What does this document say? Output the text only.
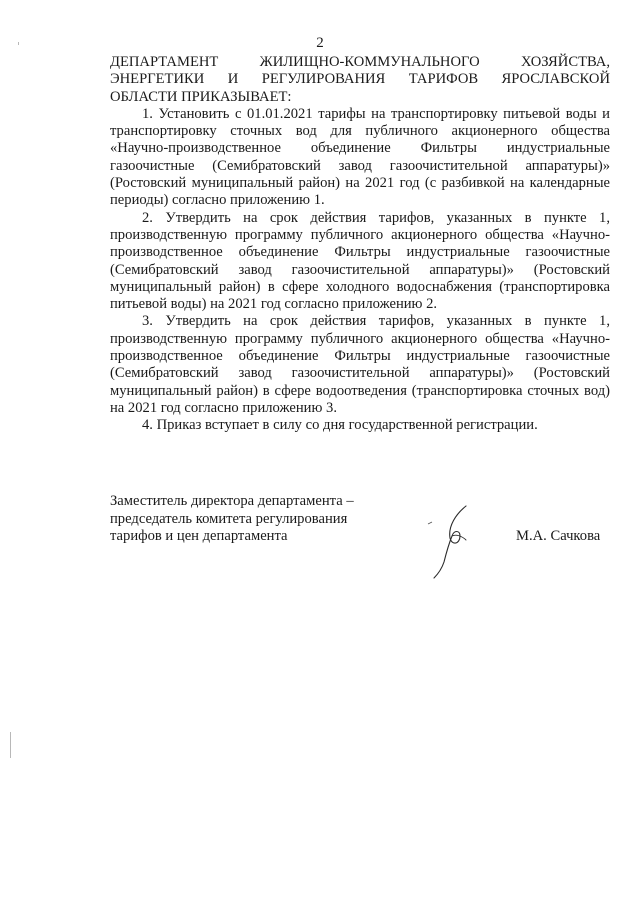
2
ДЕПАРТАМЕНТ ЖИЛИЩНО-КОММУНАЛЬНОГО ХОЗЯЙСТВА,
ЭНЕРГЕТИКИ И РЕГУЛИРОВАНИЯ ТАРИФОВ ЯРОСЛАВСКОЙ
ОБЛАСТИ ПРИКАЗЫВАЕТ:

1. Установить с 01.01.2021 тарифы на транспортировку питьевой воды и транспортировку сточных вод для публичного акционерного общества «Научно-производственное объединение Фильтры индустриальные газоочистные (Семибратовский завод газоочистительной аппаратуры)» (Ростовский муниципальный район) на 2021 год (с разбивкой на календарные периоды) согласно приложению 1.

2. Утвердить на срок действия тарифов, указанных в пункте 1, производственную программу публичного акционерного общества «Научно-производственное объединение Фильтры индустриальные газоочистные (Семибратовский завод газоочистительной аппаратуры)» (Ростовский муниципальный район) в сфере холодного водоснабжения (транспортировка питьевой воды) на 2021 год согласно приложению 2.

3. Утвердить на срок действия тарифов, указанных в пункте 1, производственную программу публичного акционерного общества «Научно-производственное объединение Фильтры индустриальные газоочистные (Семибратовский завод газоочистительной аппаратуры)» (Ростовский муниципальный район) в сфере водоотведения (транспортировка сточных вод) на 2021 год согласно приложению 3.

4. Приказ вступает в силу со дня государственной регистрации.

Заместитель директора департамента –
председатель комитета регулирования
тарифов и цен департамента	М.А. Сачкова
